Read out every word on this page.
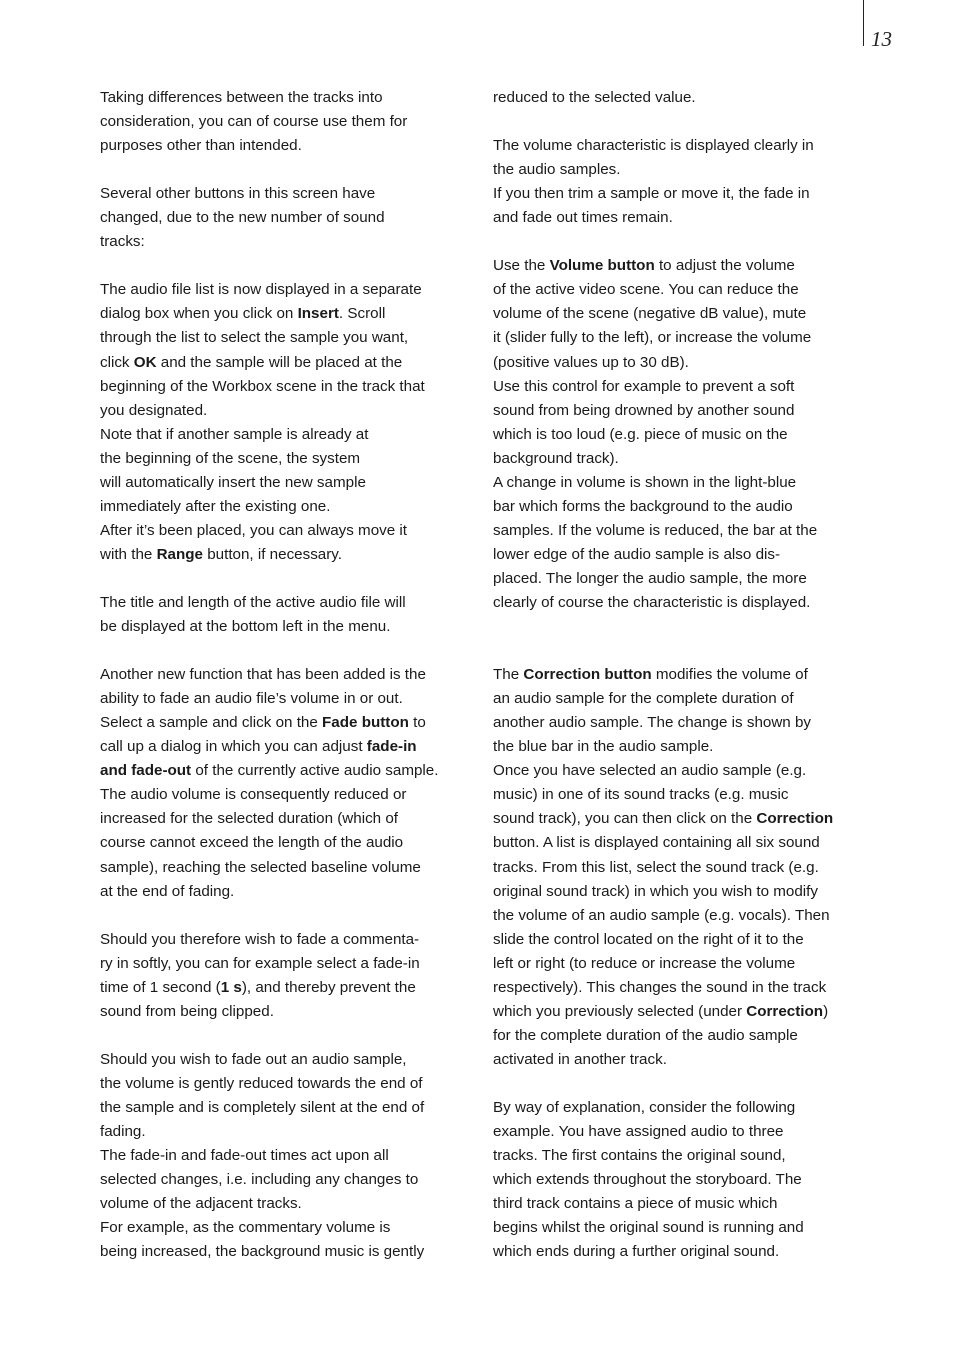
13
Taking differences between the tracks into
consideration, you can of course use them for
purposes other than intended.
Several other buttons in this screen have
changed, due to the new number of sound
tracks:
The audio file list is now displayed in a separate
dialog box when you click on Insert. Scroll
through the list to select the sample you want,
click OK and the sample will be placed at the
beginning of the Workbox scene in the track that
you designated.
Note that if another sample is already at
the beginning of the scene, the system
will automatically insert the new sample
immediately after the existing one.
After it’s been placed, you can always move it
with the Range button, if necessary.
The title and length of the active audio file will
be displayed at the bottom left in the menu.
Another new function that has been added is the
ability to fade an audio file’s volume in or out.
Select a sample and click on the Fade button to
call up a dialog in which you can adjust fade-in
and fade-out of the currently active audio sample.
The audio volume is consequently reduced or
increased for the selected duration (which of
course cannot exceed the length of the audio
sample), reaching the selected baseline volume
at the end of fading.
Should you therefore wish to fade a commenta-
ry in softly, you can for example select a fade-in
time of 1 second (1 s), and thereby prevent the
sound from being clipped.
Should you wish to fade out an audio sample,
the volume is gently reduced towards the end of
the sample and is completely silent at the end of
fading.
The fade-in and fade-out times act upon all
selected changes, i.e. including any changes to
volume of the adjacent tracks.
For example, as the commentary volume is
being increased, the background music is gently
reduced to the selected value.
The volume characteristic is displayed clearly in
the audio samples.
If you then trim a sample or move it, the fade in
and fade out times remain.
Use the Volume button to adjust the volume
of the active video scene. You can reduce the
volume of the scene (negative dB value), mute
it (slider fully to the left), or increase the volume
(positive values up to 30 dB).
Use this control for example to prevent a soft
sound from being drowned by another sound
which is too loud (e.g. piece of music on the
background track).
A change in volume is shown in the light-blue
bar which forms the background to the audio
samples. If the volume is reduced, the bar at the
lower edge of the audio sample is also dis-
placed. The longer the audio sample, the more
clearly of course the characteristic is displayed.
The Correction button modifies the volume of
an audio sample for the complete duration of
another audio sample. The change is shown by
the blue bar in the audio sample.
Once you have selected an audio sample (e.g.
music) in one of its sound tracks (e.g. music
sound track), you can then click on the Correction
button. A list is displayed containing all six sound
tracks. From this list, select the sound track (e.g.
original sound track) in which you wish to modify
the volume of an audio sample (e.g. vocals). Then
slide the control located on the right of it to the
left or right (to reduce or increase the volume
respectively). This changes the sound in the track
which you previously selected (under Correction)
for the complete duration of the audio sample
activated in another track.
By way of explanation, consider the following
example. You have assigned audio to three
tracks. The first contains the original sound,
which extends throughout the storyboard. The
third track contains a piece of music which
begins whilst the original sound is running and
which ends during a further original sound.
